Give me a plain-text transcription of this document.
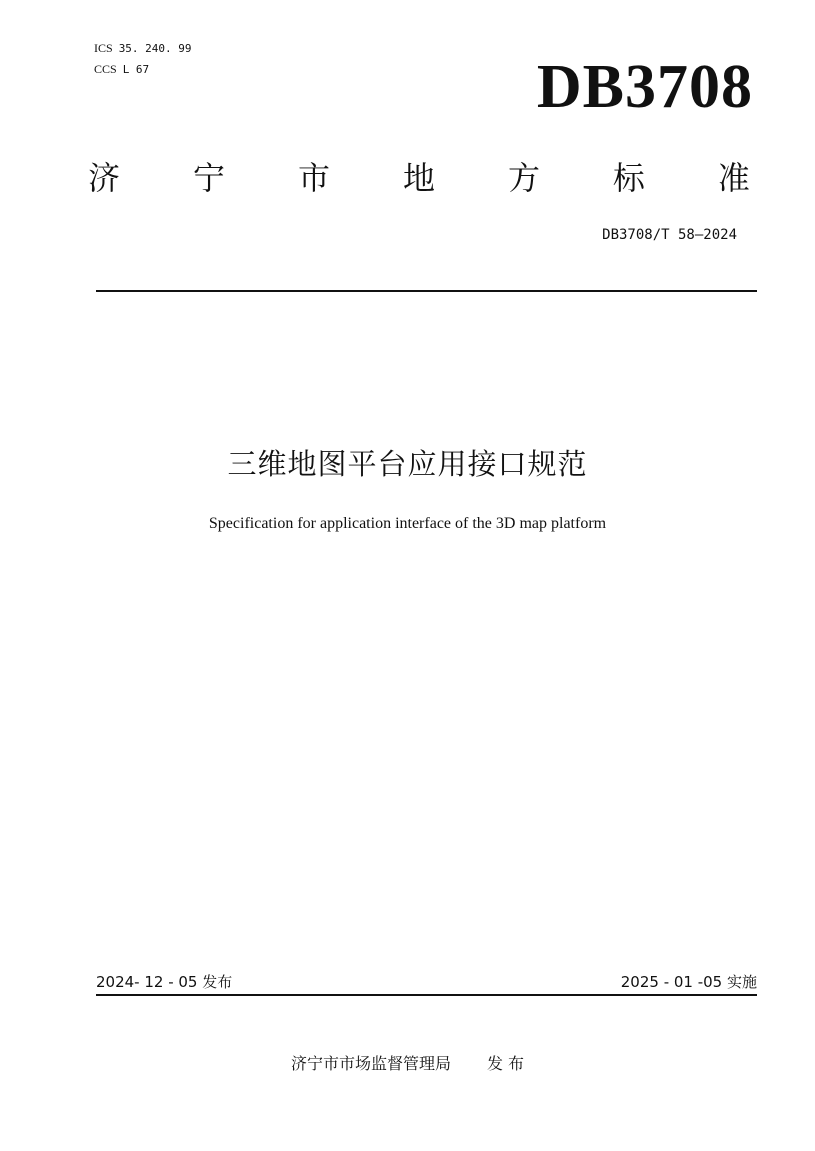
ICS 35. 240. 99
CCS L 67	DB3708
济 宁 市 地 方 标 准
DB3708/T 58—2024
三维地图平台应用接口规范
Specification for application interface of the 3D map platform
2024- 12 - 05 发布	2025 - 01 -05 实施
济宁市市场监督管理局 发 布
